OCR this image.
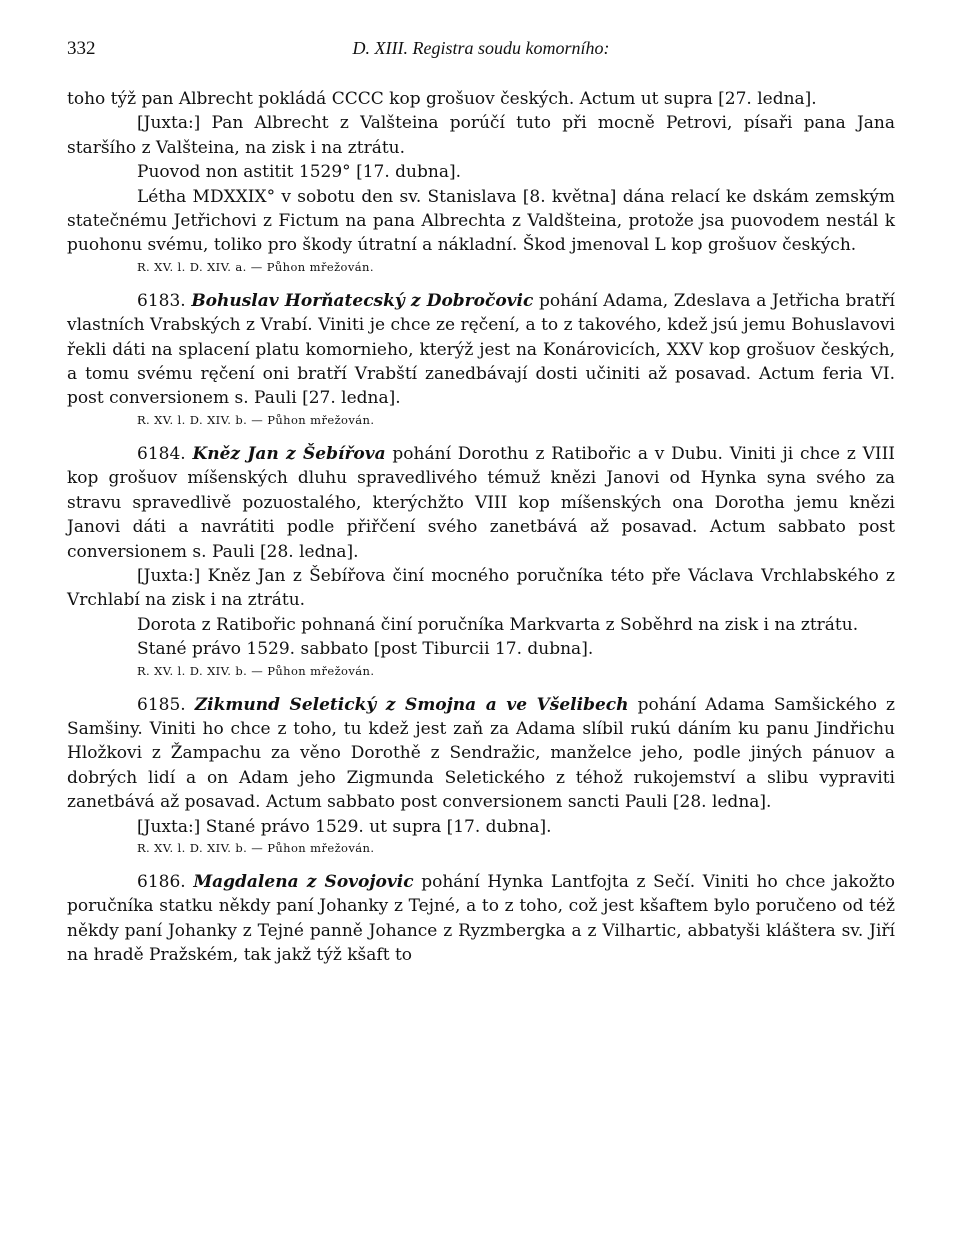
332	D. XIII. Registra soudu komorního:

toho týž pan Albrecht pokládá CCCC kop grošuov českých. Actum ut supra [27. ledna].

[Juxta:] Pan Albrecht z Valšteina porúčí tuto při mocně Petrovi, písaři pana Jana staršího z Valšteina, na zisk i na ztrátu.

Puovod non astitit 1529° [17. dubna].

Létha MDXXIX° v sobotu den sv. Stanislava [8. května] dána relací ke dskám zemským statečnému Jetřichovi z Fictum na pana Albrechta z Valdšteina, protože jsa puovodem nestál k puohonu svému, toliko pro škody útratní a nákladní. Škod jmenoval L kop grošuov českých.

R. XV. l. D. XIV. a. — Půhon mřežován.

6183. Bohuslav Horňatecský z Dobročovic pohání Adama, Zdeslava a Jetřicha bratří vlastních Vrabských z Vrabí. Viniti je chce ze ręčení, a to z takového, kdež jsú jemu Bohuslavovi řekli dáti na splacení platu komornieho, kterýž jest na Konárovicích, XXV kop grošuov českých, a tomu svému ręčení oni bratří Vrabští zanedbávají dosti učiniti až posavad. Actum feria VI. post conversionem s. Pauli [27. ledna].

R. XV. l. D. XIV. b. — Půhon mřežován.

6184. Kněz Jan z Šebířova pohání Dorothu z Ratibořic a v Dubu. Viniti ji chce z VIII kop grošuov míšenských dluhu spravedlivého témuž knězi Janovi od Hynka syna svého za stravu spravedlivě pozuostalého, kterýchžto VIII kop míšenských ona Dorotha jemu knězi Janovi dáti a navrátiti podle přiřčení svého zanetbává až posavad. Actum sabbato post conversionem s. Pauli [28. ledna].

[Juxta:] Kněz Jan z Šebířova činí mocného poručníka této pře Václava Vrchlabského z Vrchlabí na zisk i na ztrátu.

Dorota z Ratibořic pohnaná činí poručníka Markvarta z Soběhrd na zisk i na ztrátu.

Stané právo 1529. sabbato [post Tiburcii 17. dubna].

R. XV. l. D. XIV. b. — Půhon mřežován.

6185. Zikmund Seletický z Smojna a ve Všelibech pohání Adama Samšického z Samšiny. Viniti ho chce z toho, tu kdež jest zaň za Adama slíbil rukú dáním ku panu Jindřichu Hložkovi z Žampachu za věno Dorothě z Sendražic, manželce jeho, podle jiných pánuov a dobrých lidí a on Adam jeho Zigmunda Seletického z téhož rukojemství a slibu vypraviti zanetbává až posavad. Actum sabbato post conversionem sancti Pauli [28. ledna].

[Juxta:] Stané právo 1529. ut supra [17. dubna].

R. XV. l. D. XIV. b. — Půhon mřežován.

6186. Magdalena z Sovojovic pohání Hynka Lantfojta z Sečí. Viniti ho chce jakožto poručníka statku někdy paní Johanky z Tejné, a to z toho, což jest kšaftem bylo poručeno od též někdy paní Johanky z Tejné panně Johance z Ryzmbergka a z Vilhartic, abbatyši kláštera sv. Jiří na hradě Pražském, tak jakž týž kšaft to
